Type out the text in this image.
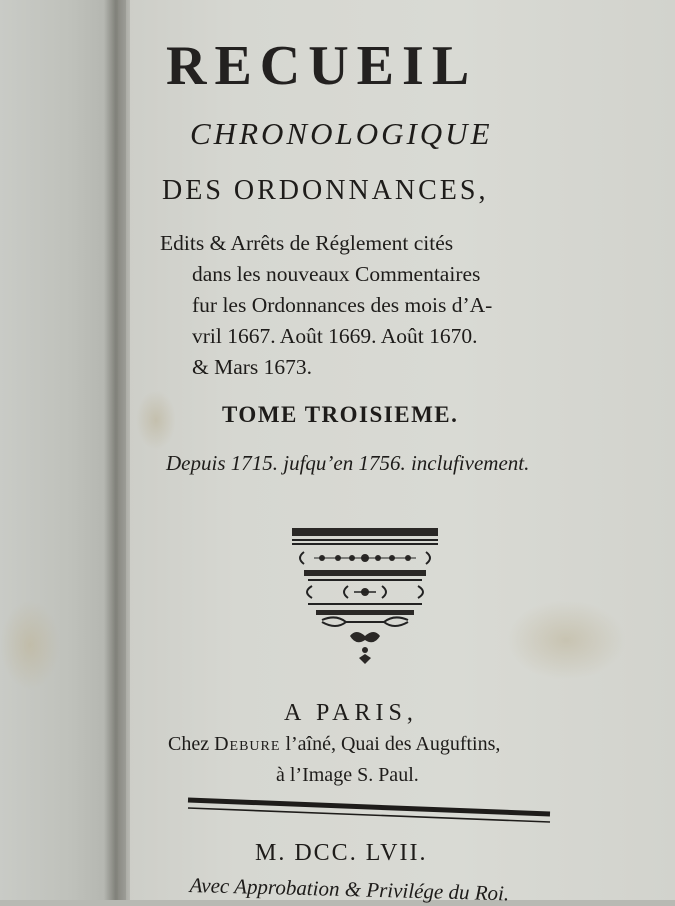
RECUEIL

CHRONOLOGIQUE

DES ORDONNANCES,

Edits & Arrêts de Réglement cités

dans les nouveaux Commentaires

fur les Ordonnances des mois d’A-

vril 1667. Août 1669. Août 1670.

& Mars 1673.

TOME TROISIEME.

Depuis 1715. jufqu’en 1756. inclufivement.

A PARIS,

Chez Debure l’aîné, Quai des Auguftins,

à l’Image S. Paul.

M. DCC. LVII.

Avec Approbation & Privilége du Roi.
